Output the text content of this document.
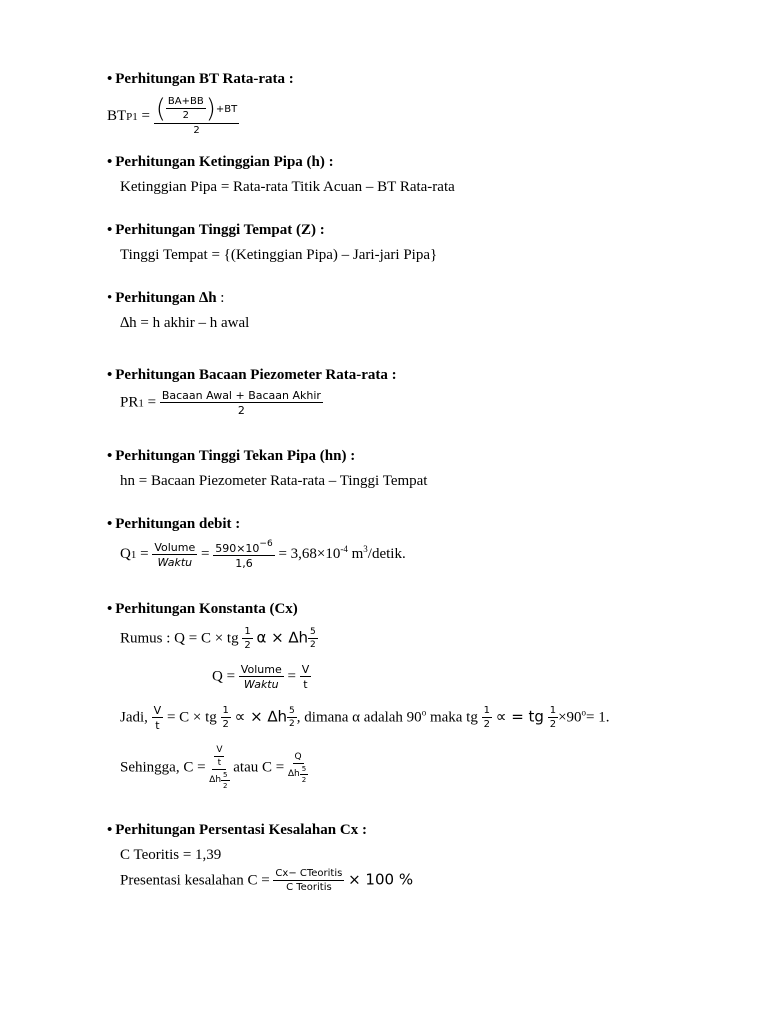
• Perhitungan BT Rata-rata :
$BTP1 = \frac{( \frac{BA+BB}{2} )+BT}{2}$
• Perhitungan Ketinggian Pipa (h) :
Ketinggian Pipa = Rata-rata Titik Acuan – BT Rata-rata
• Perhitungan Tinggi Tempat (Z) :
Tinggi Tempat = {(Ketinggian Pipa) – Jari-jari Pipa}
• Perhitungan ∆h :
∆h = h akhir – h awal
• Perhitungan Bacaan Piezometer Rata-rata :
$PR1 = \frac{\text{Bacaan Awal + Bacaan Akhir}}{2}$
• Perhitungan Tinggi Tekan Pipa (hn) :
hn = Bacaan Piezometer Rata-rata – Tinggi Tempat
• Perhitungan debit :
$Q1 = \frac{\text{Volume}}{\text{Waktu}} = \frac{590\times 10^{-6}}{1,6} = 3,68\times 10^{-4}$ $m^3$/detik.
• Perhitungan Konstanta (Cx)
Rumus : Q = C × tg $\frac{1}{2}$ $\alpha \times \Delta h \frac{5}{2}$
$Q = \frac{\text{Volume}}{\text{Waktu}} = \frac{V}{t}$
Jadi, $\frac{V}{t} = C$ × tg $\frac{1}{2}$ ∝ × $\Delta h \frac{5}{2}$ , dimana α adalah 90$^o$ maka tg $\frac{1}{2}$ ∝ = tg $\frac{1}{2} \times 90^o= 1$.
Sehingga, $C = \frac{\frac{V}{t}}{\Delta h \frac{5}{2}}$ atau $C = \frac{Q}{\Delta h \frac{5}{2}}$
• Perhitungan Persentasi Kesalahan Cx :
C Teoritis = 1,39
Presentasi kesalahan $C = \frac{\text{Cx− CTeoritis}}{\text{C Teoritis}} \times 100$ %
